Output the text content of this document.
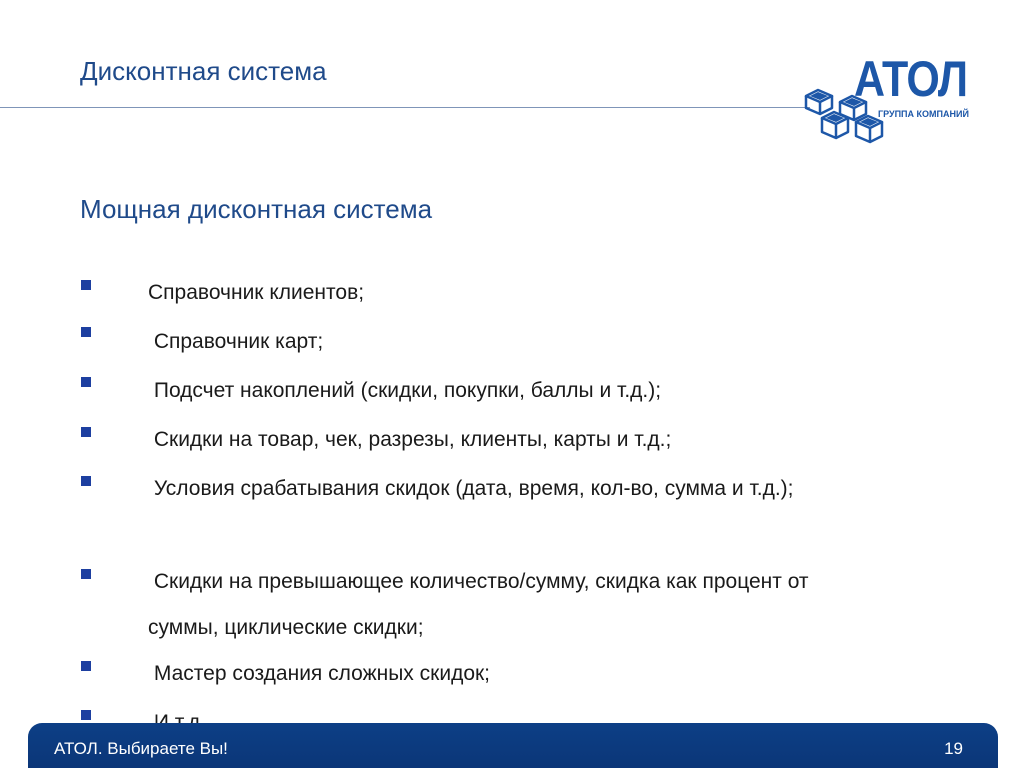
Дисконтная система	АТОЛ
ГРУППА КОМПАНИЙ
Мощная дисконтная система
Справочник клиентов;
Справочник карт;
Подсчет накоплений (скидки, покупки, баллы и т.д.);
Скидки на товар, чек, разрезы, клиенты, карты и т.д.;
Условия срабатывания скидок (дата, время, кол-во, сумма и т.д.);
Скидки на превышающее количество/сумму, скидка как процент от суммы, циклические скидки;
Мастер создания сложных скидок;
АТОЛ. Выбираете Вы!	19
